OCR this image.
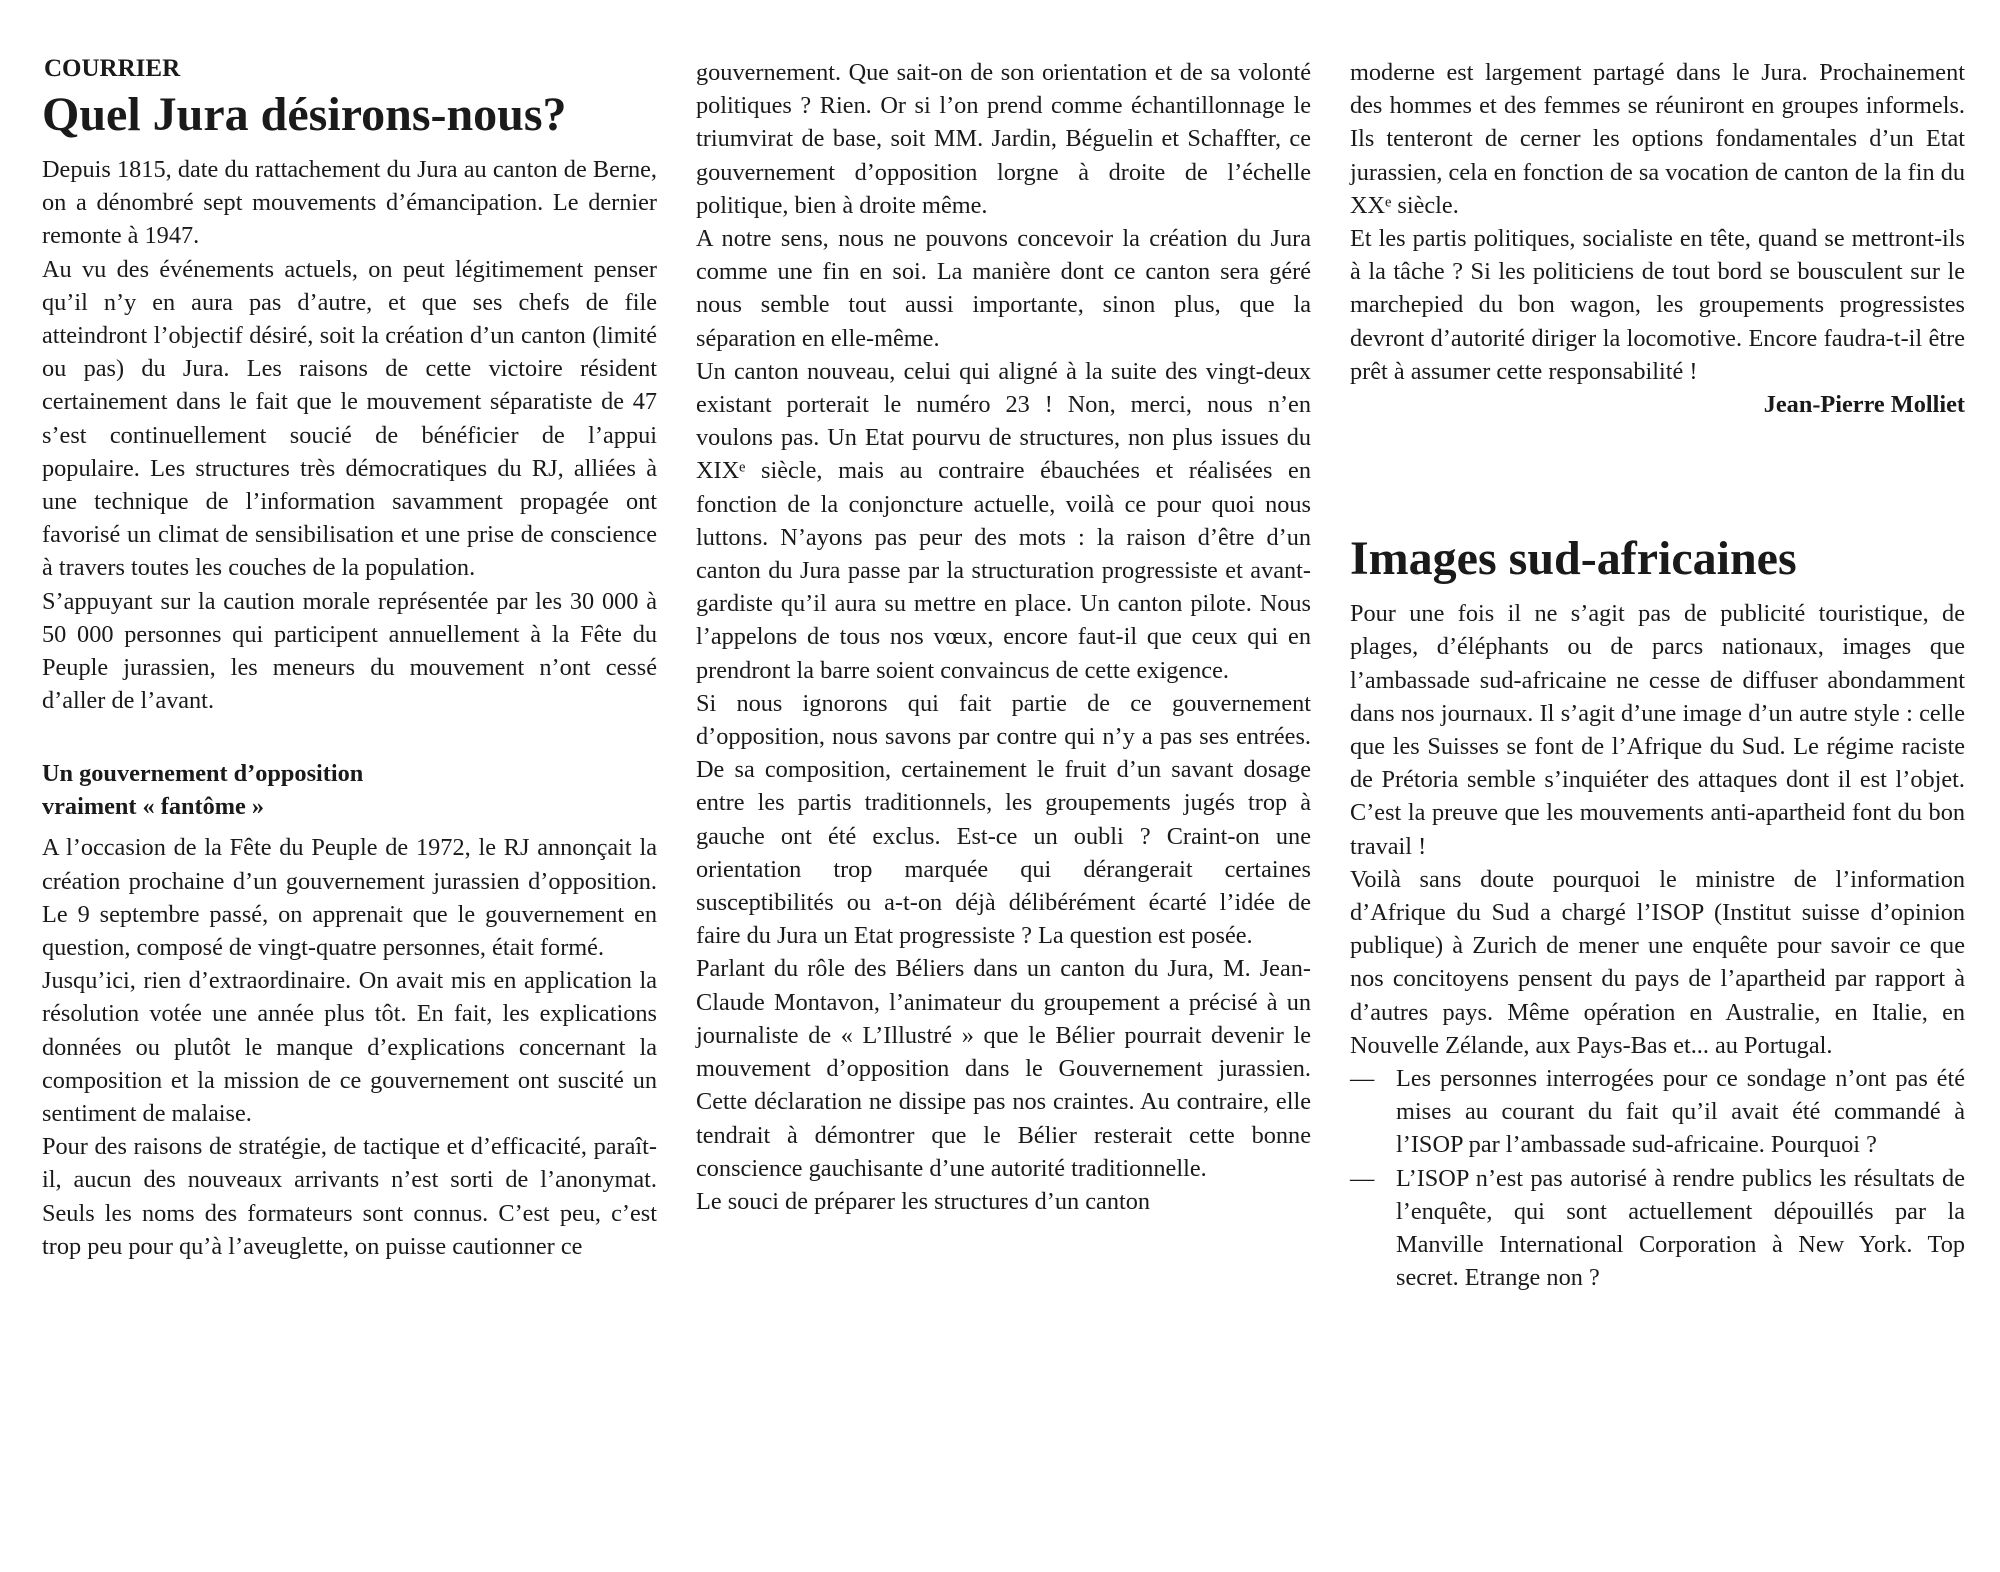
COURRIER
Quel Jura désirons-nous?

Depuis 1815, date du rattachement du Jura au canton de Berne, on a dénombré sept mouvements d’émancipation. Le dernier remonte à 1947.

Au vu des événements actuels, on peut légitimement penser qu’il n’y en aura pas d’autre, et que ses chefs de file atteindront l’objectif désiré, soit la création d’un canton (limité ou pas) du Jura. Les raisons de cette victoire résident certainement dans le fait que le mouvement séparatiste de 47 s’est continuellement soucié de bénéficier de l’appui populaire. Les structures très démocratiques du RJ, alliées à une technique de l’information savamment propagée ont favorisé un climat de sensibilisation et une prise de conscience à travers toutes les couches de la population.

S’appuyant sur la caution morale représentée par les 30 000 à 50 000 personnes qui participent annuellement à la Fête du Peuple jurassien, les meneurs du mouvement n’ont cessé d’aller de l’avant.

Un gouvernement d’opposition
vraiment « fantôme »

A l’occasion de la Fête du Peuple de 1972, le RJ annonçait la création prochaine d’un gouvernement jurassien d’opposition. Le 9 septembre passé, on apprenait que le gouvernement en question, composé de vingt-quatre personnes, était formé.

Jusqu’ici, rien d’extraordinaire. On avait mis en application la résolution votée une année plus tôt. En fait, les explications données ou plutôt le manque d’explications concernant la composition et la mission de ce gouvernement ont suscité un sentiment de malaise.

Pour des raisons de stratégie, de tactique et d’efficacité, paraît-il, aucun des nouveaux arrivants n’est sorti de l’anonymat. Seuls les noms des formateurs sont connus. C’est peu, c’est trop peu pour qu’à l’aveuglette, on puisse cautionner ce

gouvernement. Que sait-on de son orientation et de sa volonté politiques ? Rien. Or si l’on prend comme échantillonnage le triumvirat de base, soit MM. Jardin, Béguelin et Schaffter, ce gouvernement d’opposition lorgne à droite de l’échelle politique, bien à droite même.

A notre sens, nous ne pouvons concevoir la création du Jura comme une fin en soi. La manière dont ce canton sera géré nous semble tout aussi importante, sinon plus, que la séparation en elle-même.

Un canton nouveau, celui qui aligné à la suite des vingt-deux existant porterait le numéro 23 ! Non, merci, nous n’en voulons pas. Un Etat pourvu de structures, non plus issues du XIXᵉ siècle, mais au contraire ébauchées et réalisées en fonction de la conjoncture actuelle, voilà ce pour quoi nous luttons. N’ayons pas peur des mots : la raison d’être d’un canton du Jura passe par la structuration progressiste et avant-gardiste qu’il aura su mettre en place. Un canton pilote. Nous l’appelons de tous nos vœux, encore faut-il que ceux qui en prendront la barre soient convaincus de cette exigence.

Si nous ignorons qui fait partie de ce gouvernement d’opposition, nous savons par contre qui n’y a pas ses entrées. De sa composition, certainement le fruit d’un savant dosage entre les partis traditionnels, les groupements jugés trop à gauche ont été exclus. Est-ce un oubli ? Craint-on une orientation trop marquée qui dérangerait certaines susceptibilités ou a-t-on déjà délibérément écarté l’idée de faire du Jura un Etat progressiste ? La question est posée.

Parlant du rôle des Béliers dans un canton du Jura, M. Jean-Claude Montavon, l’animateur du groupement a précisé à un journaliste de « L’Illustré » que le Bélier pourrait devenir le mouvement d’opposition dans le Gouvernement jurassien. Cette déclaration ne dissipe pas nos craintes. Au contraire, elle tendrait à démontrer que le Bélier resterait cette bonne conscience gauchisante d’une autorité traditionnelle.

Le souci de préparer les structures d’un canton

moderne est largement partagé dans le Jura. Prochainement des hommes et des femmes se réuniront en groupes informels. Ils tenteront de cerner les options fondamentales d’un Etat jurassien, cela en fonction de sa vocation de canton de la fin du XXᵉ siècle.

Et les partis politiques, socialiste en tête, quand se mettront-ils à la tâche ? Si les politiciens de tout bord se bousculent sur le marchepied du bon wagon, les groupements progressistes devront d’autorité diriger la locomotive. Encore faudra-t-il être prêt à assumer cette responsabilité !

Jean-Pierre Molliet

Images sud-africaines

Pour une fois il ne s’agit pas de publicité touristique, de plages, d’éléphants ou de parcs nationaux, images que l’ambassade sud-africaine ne cesse de diffuser abondamment dans nos journaux. Il s’agit d’une image d’un autre style : celle que les Suisses se font de l’Afrique du Sud. Le régime raciste de Prétoria semble s’inquiéter des attaques dont il est l’objet. C’est la preuve que les mouvements anti-apartheid font du bon travail !

Voilà sans doute pourquoi le ministre de l’information d’Afrique du Sud a chargé l’ISOP (Institut suisse d’opinion publique) à Zurich de mener une enquête pour savoir ce que nos concitoyens pensent du pays de l’apartheid par rapport à d’autres pays. Même opération en Australie, en Italie, en Nouvelle Zélande, aux Pays-Bas et... au Portugal.

— Les personnes interrogées pour ce sondage n’ont pas été mises au courant du fait qu’il avait été commandé à l’ISOP par l’ambassade sud-africaine. Pourquoi ?
— L’ISOP n’est pas autorisé à rendre publics les résultats de l’enquête, qui sont actuellement dépouillés par la Manville International Corporation à New York. Top secret. Etrange non ?
